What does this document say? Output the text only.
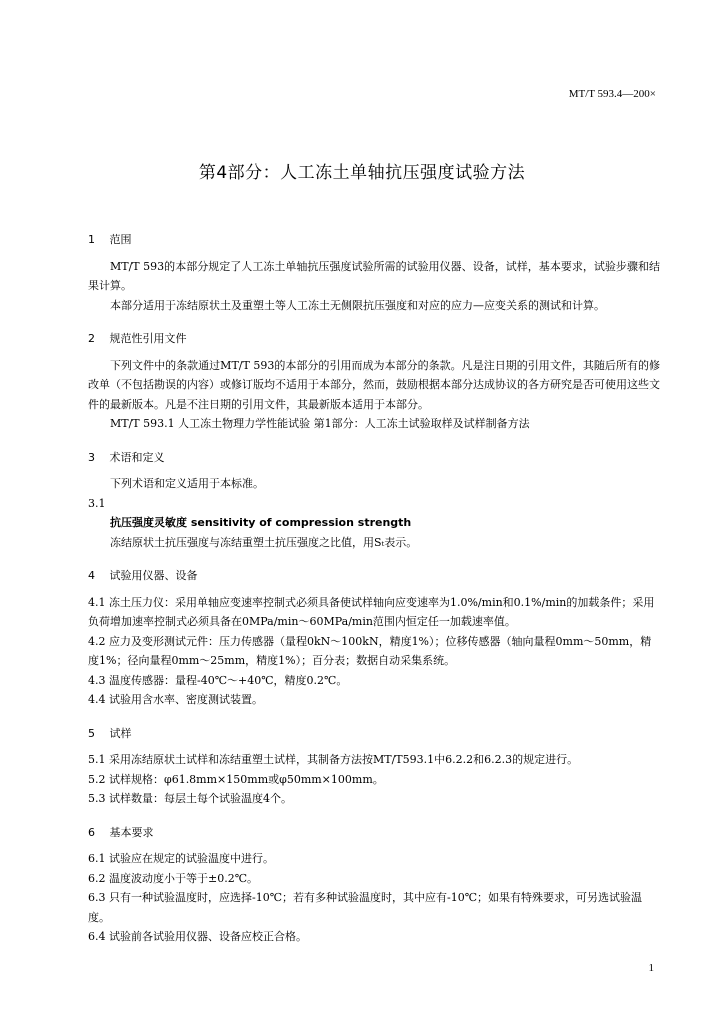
MT/T 593.4—200×
第4部分：人工冻土单轴抗压强度试验方法
1 范围
MT/T 593的本部分规定了人工冻土单轴抗压强度试验所需的试验用仪器、设备，试样，基本要求，试验步骤和结果计算。
本部分适用于冻结原状土及重塑土等人工冻土无侧限抗压强度和对应的应力—应变关系的测试和计算。
2 规范性引用文件
下列文件中的条款通过MT/T 593的本部分的引用而成为本部分的条款。凡是注日期的引用文件，其随后所有的修改单（不包括勘误的内容）或修订版均不适用于本部分，然而，鼓励根据本部分达成协议的各方研究是否可使用这些文件的最新版本。凡是不注日期的引用文件，其最新版本适用于本部分。
MT/T 593.1 人工冻土物理力学性能试验 第1部分：人工冻土试验取样及试样制备方法
3 术语和定义
下列术语和定义适用于本标准。
3.1
抗压强度灵敏度 sensitivity of compression strength
冻结原状土抗压强度与冻结重塑土抗压强度之比值，用Sₜ表示。
4 试验用仪器、设备
4.1 冻土压力仪：采用单轴应变速率控制式必须具备使试样轴向应变速率为1.0%/min和0.1%/min的加载条件；采用负荷增加速率控制式必须具备在0MPa/min～60MPa/min范围内恒定任一加载速率值。
4.2 应力及变形测试元件：压力传感器（量程0kN～100kN，精度1%）；位移传感器（轴向量程0mm～50mm，精度1%；径向量程0mm～25mm，精度1%）；百分表；数据自动采集系统。
4.3 温度传感器：量程-40℃～+40℃，精度0.2℃。
4.4 试验用含水率、密度测试装置。
5 试样
5.1 采用冻结原状土试样和冻结重塑土试样，其制备方法按MT/T593.1中6.2.2和6.2.3的规定进行。
5.2 试样规格：φ61.8mm×150mm或φ50mm×100mm。
5.3 试样数量：每层土每个试验温度4个。
6 基本要求
6.1 试验应在规定的试验温度中进行。
6.2 温度波动度小于等于±0.2℃。
6.3 只有一种试验温度时，应选择-10℃；若有多种试验温度时，其中应有-10℃；如果有特殊要求，可另选试验温度。
6.4 试验前各试验用仪器、设备应校正合格。
1
